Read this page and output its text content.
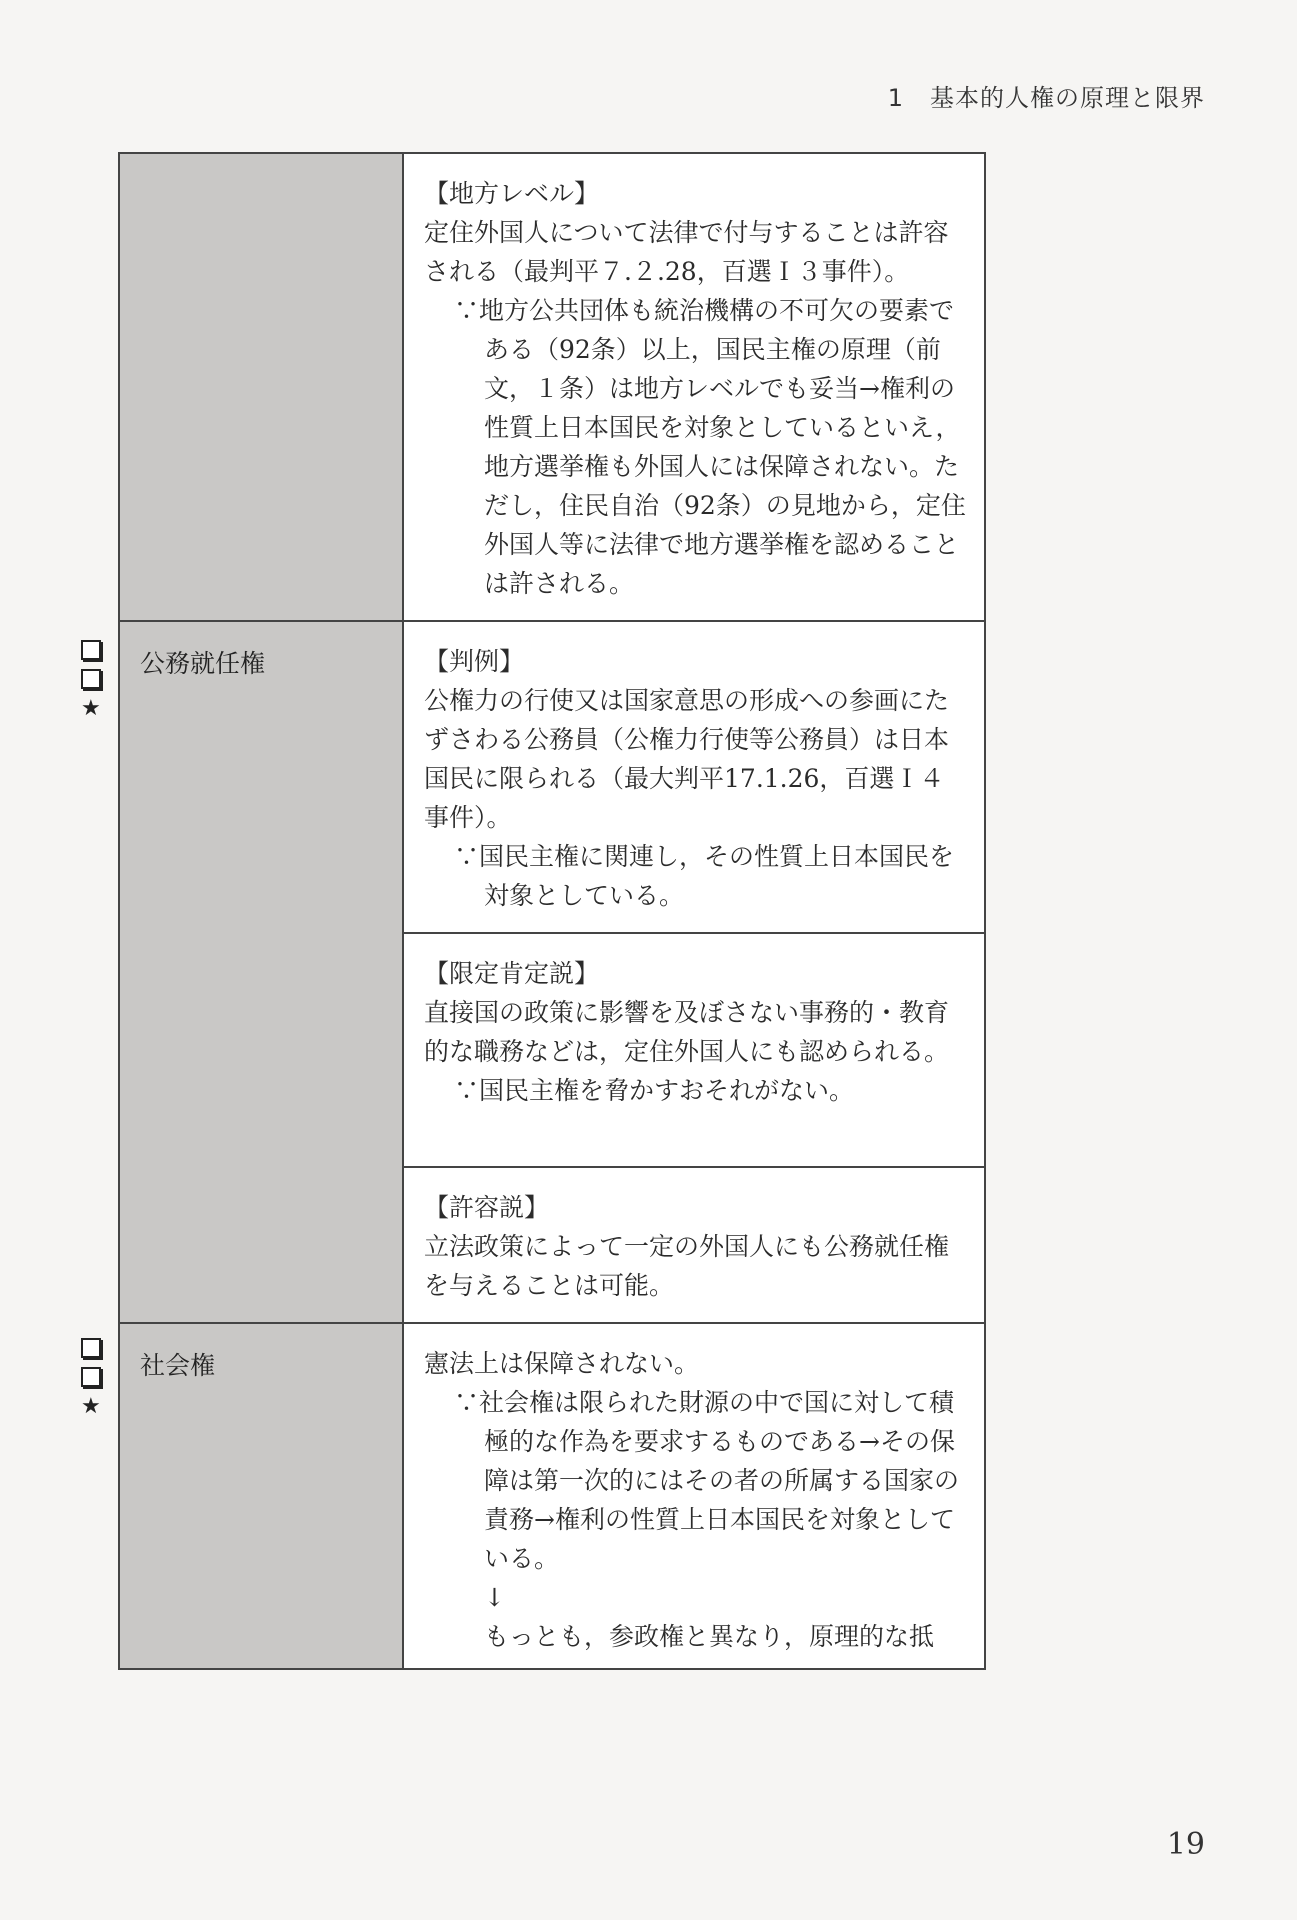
1 基本的人権の原理と限界
★
★
【地方レベル】
定住外国人について法律で付与することは許容される（最判平７.２.28，百選Ｉ３事件）。
∵地方公共団体も統治機構の不可欠の要素である（92条）以上，国民主権の原理（前文，１条）は地方レベルでも妥当→権利の性質上日本国民を対象としているといえ，地方選挙権も外国人には保障されない。ただし，住民自治（92条）の見地から，定住外国人等に法律で地方選挙権を認めることは許される。
公務就任権	【判例】
公権力の行使又は国家意思の形成への参画にたずさわる公務員（公権力行使等公務員）は日本国民に限られる（最大判平17.1.26，百選Ｉ４事件）。
∵国民主権に関連し，その性質上日本国民を対象としている。
【限定肯定説】
直接国の政策に影響を及ぼさない事務的・教育的な職務などは，定住外国人にも認められる。
∵国民主権を脅かすおそれがない。
【許容説】
立法政策によって一定の外国人にも公務就任権を与えることは可能。
社会権	憲法上は保障されない。
∵社会権は限られた財源の中で国に対して積極的な作為を要求するものである→その保障は第一次的にはその者の所属する国家の責務→権利の性質上日本国民を対象としている。
↓
もっとも，参政権と異なり，原理的な抵
19
